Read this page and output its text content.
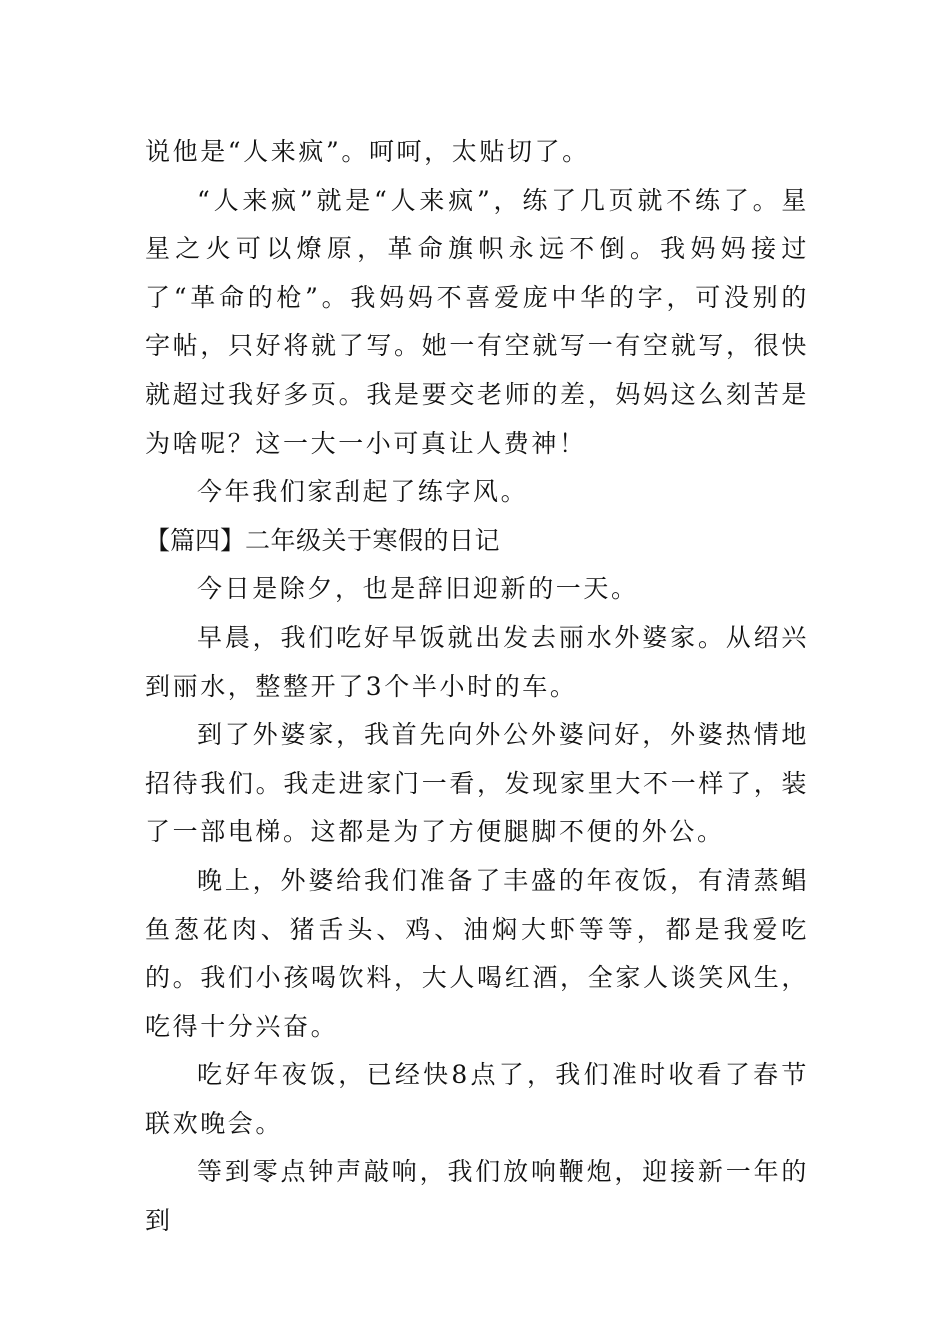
说他是“人来疯”。呵呵，太贴切了。

“人来疯”就是“人来疯”，练了几页就不练了。星星之火可以燎原，革命旗帜永远不倒。我妈妈接过了“革命的枪”。我妈妈不喜爱庞中华的字，可没别的字帖，只好将就了写。她一有空就写一有空就写，很快就超过我好多页。我是要交老师的差，妈妈这么刻苦是为啥呢？这一大一小可真让人费神！

今年我们家刮起了练字风。

【篇四】二年级关于寒假的日记

今日是除夕，也是辞旧迎新的一天。

早晨，我们吃好早饭就出发去丽水外婆家。从绍兴到丽水，整整开了3个半小时的车。

到了外婆家，我首先向外公外婆问好，外婆热情地招待我们。我走进家门一看，发现家里大不一样了，装了一部电梯。这都是为了方便腿脚不便的外公。

晚上，外婆给我们准备了丰盛的年夜饭，有清蒸鲳鱼葱花肉、猪舌头、鸡、油焖大虾等等，都是我爱吃的。我们小孩喝饮料，大人喝红酒，全家人谈笑风生，吃得十分兴奋。

吃好年夜饭，已经快8点了，我们准时收看了春节联欢晚会。

等到零点钟声敲响，我们放响鞭炮，迎接新一年的到
